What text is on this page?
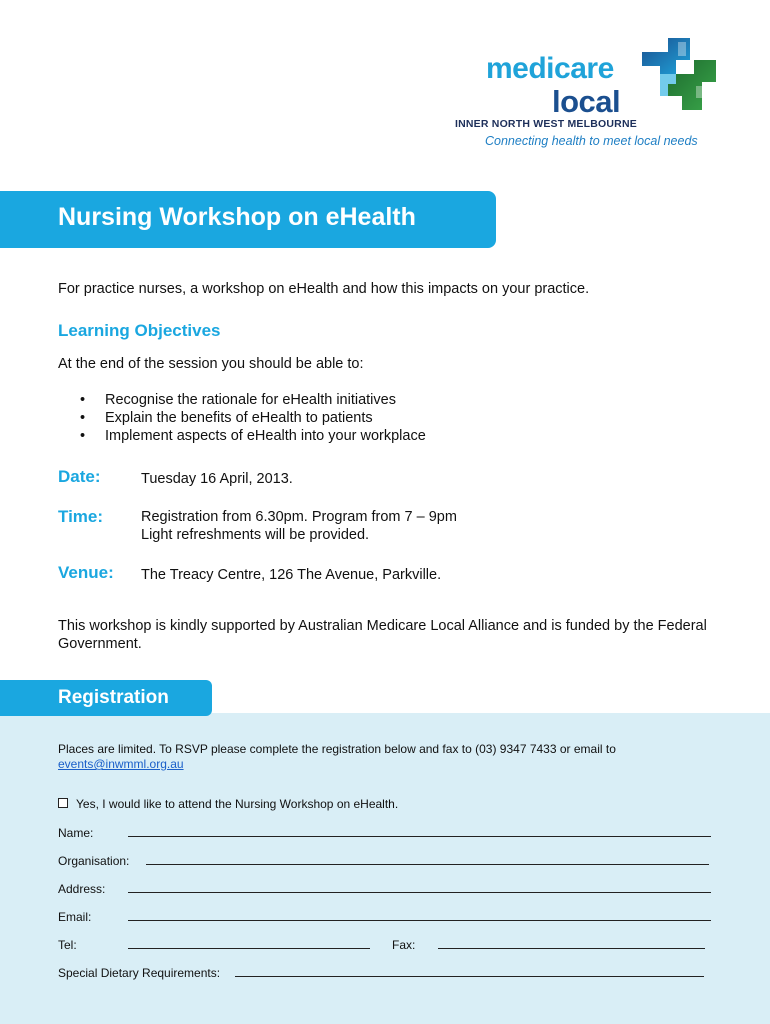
medicare
local
INNER NORTH WEST MELBOURNE
Connecting health to meet local needs
Nursing Workshop on eHealth
For practice nurses, a workshop on eHealth and how this impacts on your practice.
Learning Objectives
At the end of the session you should be able to:
• Recognise the rationale for eHealth initiatives
• Explain the benefits of eHealth to patients
• Implement aspects of eHealth into your workplace
Date:	Tuesday 16 April, 2013.
Time:	Registration from 6.30pm. Program from 7 – 9pm
Light refreshments will be provided.
Venue: The Treacy Centre, 126 The Avenue, Parkville.
This workshop is kindly supported by Australian Medicare Local Alliance and is funded by the Federal Government.
Registration
Places are limited. To RSVP please complete the registration below and fax to (03) 9347 7433 or email to
events@inwmml.org.au
Yes, I would like to attend the Nursing Workshop on eHealth.
Name:
Organisation:
Address:
Email:
Tel:	Fax:
Special Dietary Requirements:
